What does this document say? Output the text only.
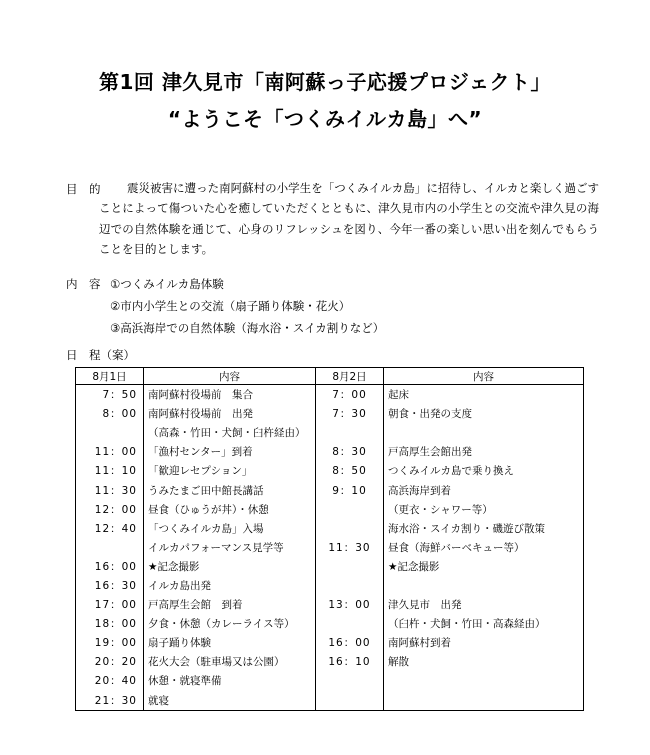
第1回 津久見市「南阿蘇っ子応援プロジェクト」
“ようこそ「つくみイルカ島」へ”
目　的	震災被害に遭った南阿蘇村の小学生を「つくみイルカ島」に招待し、イルカと楽しく過ごすことによって傷ついた心を癒していただくとともに、津久見市内の小学生との交流や津久見の海辺での自然体験を通じて、心身のリフレッシュを図り、今年一番の楽しい思い出を刻んでもらうことを目的とします。
内　容 ①つくみイルカ島体験
②市内小学生との交流（扇子踊り体験・花火）
③高浜海岸での自然体験（海水浴・スイカ割りなど）
日　程（案）
8月1日	内容	8月2日	内容
7：50	南阿蘇村役場前　集合	7：00	起床
8：00	南阿蘇村役場前　出発	7：30	朝食・出発の支度
	（高森・竹田・犬飼・臼杵経由）		
11：00	「漁村センター」到着	8：30	戸高厚生会館出発
11：10	「歓迎レセプション」	8：50	つくみイルカ島で乗り換え
11：30	うみたまご田中館長講話	9：10	高浜海岸到着
12：00	昼食（ひゅうが丼）・休憩		（更衣・シャワー等）
12：40	「つくみイルカ島」入場		海水浴・スイカ割り・磯遊び散策
	イルカパフォーマンス見学等	11：30	昼食（海鮮バーベキュー等）
16：00	★記念撮影		★記念撮影
16：30	イルカ島出発		
17：00	戸高厚生会館　到着	13：00	津久見市　出発
18：00	夕食・休憩（カレーライス等）		（臼杵・犬飼・竹田・高森経由）
19：00	扇子踊り体験	16：00	南阿蘇村到着
20：20	花火大会（駐車場又は公園）	16：10	解散
20：40	休憩・就寝準備		
21：30	就寝		
